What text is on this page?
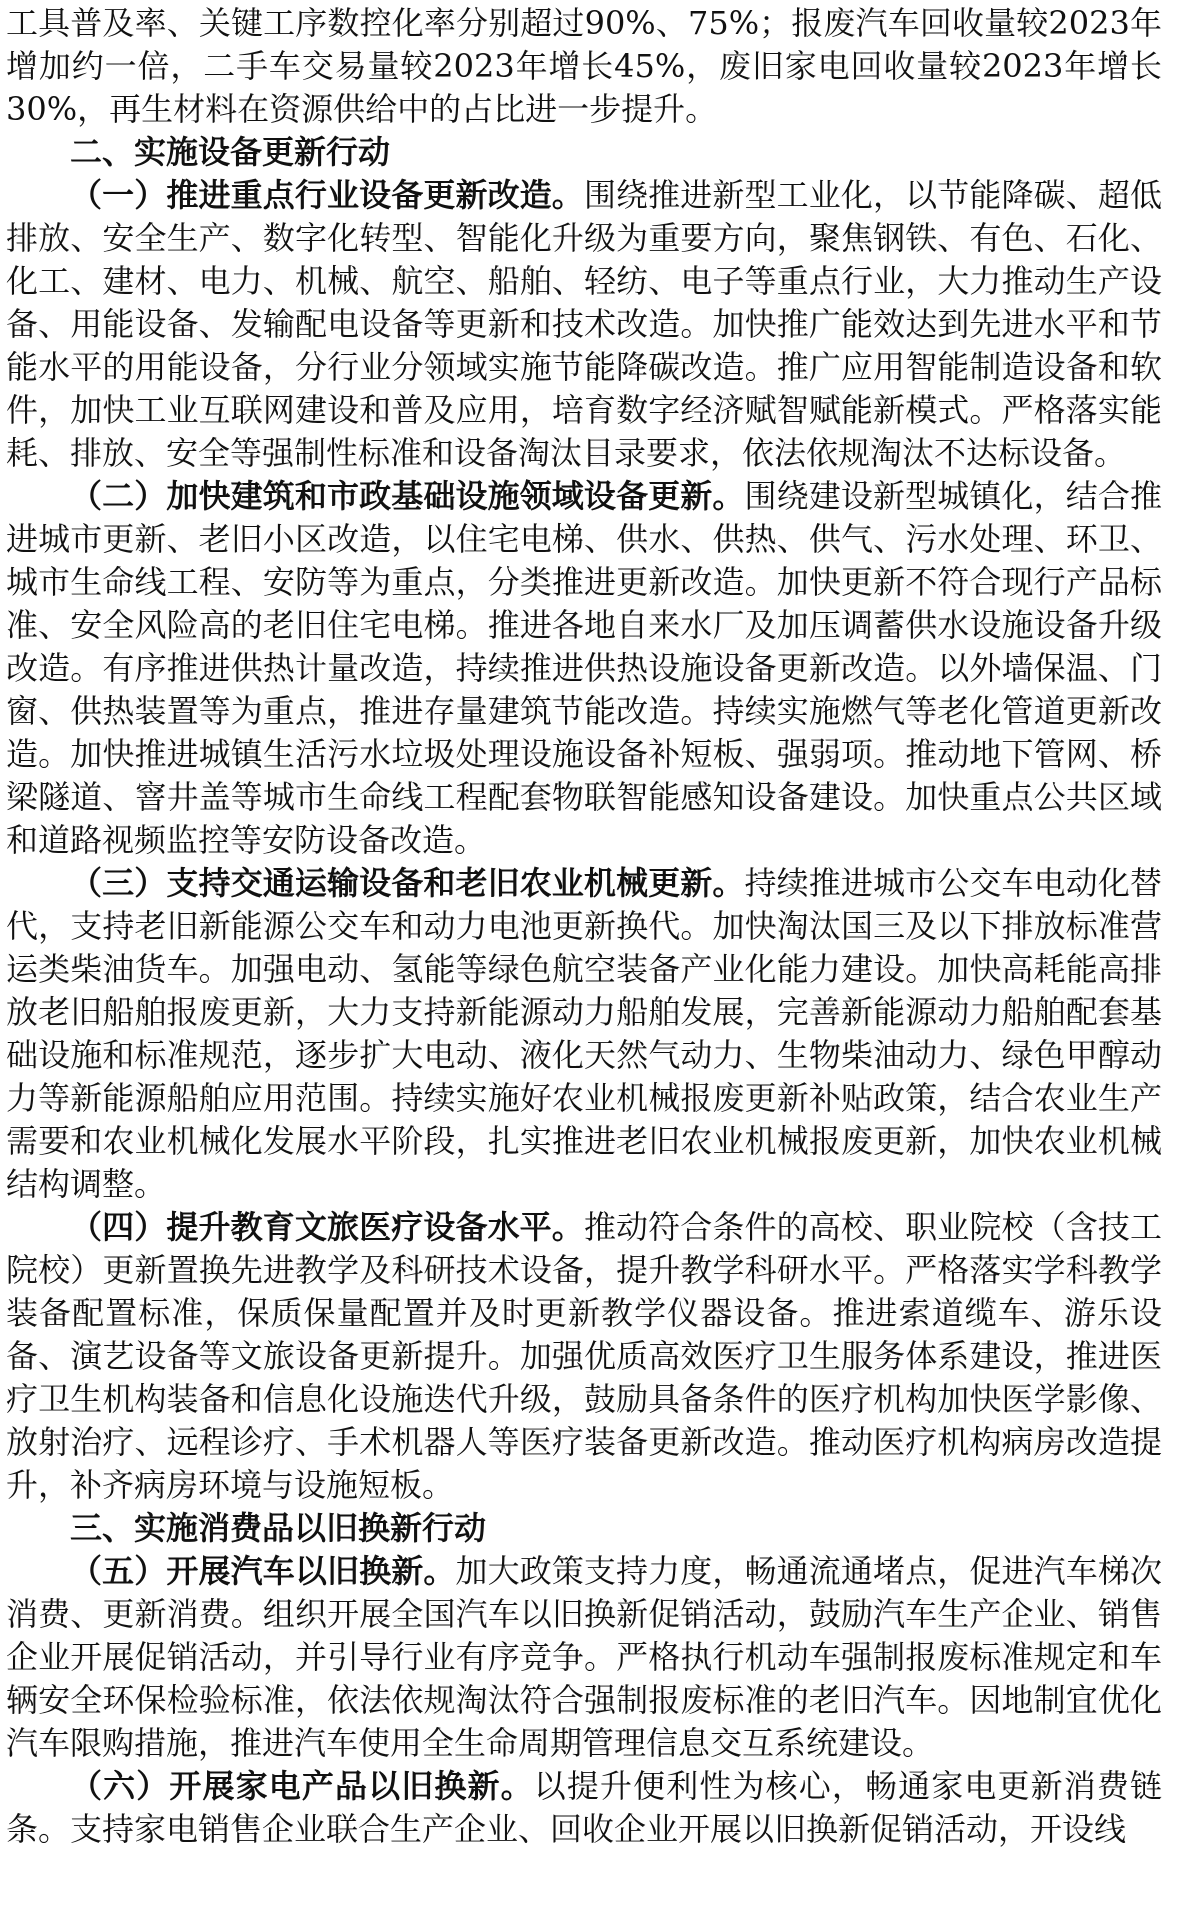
工具普及率、关键工序数控化率分别超过90%、75%；报废汽车回收量较2023年增加约一倍，二手车交易量较2023年增长45%，废旧家电回收量较2023年增长30%，再生材料在资源供给中的占比进一步提升。

二、实施设备更新行动

（一）推进重点行业设备更新改造。围绕推进新型工业化，以节能降碳、超低排放、安全生产、数字化转型、智能化升级为重要方向，聚焦钢铁、有色、石化、化工、建材、电力、机械、航空、船舶、轻纺、电子等重点行业，大力推动生产设备、用能设备、发输配电设备等更新和技术改造。加快推广能效达到先进水平和节能水平的用能设备，分行业分领域实施节能降碳改造。推广应用智能制造设备和软件，加快工业互联网建设和普及应用，培育数字经济赋智赋能新模式。严格落实能耗、排放、安全等强制性标准和设备淘汰目录要求，依法依规淘汰不达标设备。

（二）加快建筑和市政基础设施领域设备更新。围绕建设新型城镇化，结合推进城市更新、老旧小区改造，以住宅电梯、供水、供热、供气、污水处理、环卫、城市生命线工程、安防等为重点，分类推进更新改造。加快更新不符合现行产品标准、安全风险高的老旧住宅电梯。推进各地自来水厂及加压调蓄供水设施设备升级改造。有序推进供热计量改造，持续推进供热设施设备更新改造。以外墙保温、门窗、供热装置等为重点，推进存量建筑节能改造。持续实施燃气等老化管道更新改造。加快推进城镇生活污水垃圾处理设施设备补短板、强弱项。推动地下管网、桥梁隧道、窨井盖等城市生命线工程配套物联智能感知设备建设。加快重点公共区域和道路视频监控等安防设备改造。

（三）支持交通运输设备和老旧农业机械更新。持续推进城市公交车电动化替代，支持老旧新能源公交车和动力电池更新换代。加快淘汰国三及以下排放标准营运类柴油货车。加强电动、氢能等绿色航空装备产业化能力建设。加快高耗能高排放老旧船舶报废更新，大力支持新能源动力船舶发展，完善新能源动力船舶配套基础设施和标准规范，逐步扩大电动、液化天然气动力、生物柴油动力、绿色甲醇动力等新能源船舶应用范围。持续实施好农业机械报废更新补贴政策，结合农业生产需要和农业机械化发展水平阶段，扎实推进老旧农业机械报废更新，加快农业机械结构调整。

（四）提升教育文旅医疗设备水平。推动符合条件的高校、职业院校（含技工院校）更新置换先进教学及科研技术设备，提升教学科研水平。严格落实学科教学装备配置标准，保质保量配置并及时更新教学仪器设备。推进索道缆车、游乐设备、演艺设备等文旅设备更新提升。加强优质高效医疗卫生服务体系建设，推进医疗卫生机构装备和信息化设施迭代升级，鼓励具备条件的医疗机构加快医学影像、放射治疗、远程诊疗、手术机器人等医疗装备更新改造。推动医疗机构病房改造提升，补齐病房环境与设施短板。

三、实施消费品以旧换新行动

（五）开展汽车以旧换新。加大政策支持力度，畅通流通堵点，促进汽车梯次消费、更新消费。组织开展全国汽车以旧换新促销活动，鼓励汽车生产企业、销售企业开展促销活动，并引导行业有序竞争。严格执行机动车强制报废标准规定和车辆安全环保检验标准，依法依规淘汰符合强制报废标准的老旧汽车。因地制宜优化汽车限购措施，推进汽车使用全生命周期管理信息交互系统建设。

（六）开展家电产品以旧换新。以提升便利性为核心，畅通家电更新消费链条。支持家电销售企业联合生产企业、回收企业开展以旧换新促销活动，开设线
